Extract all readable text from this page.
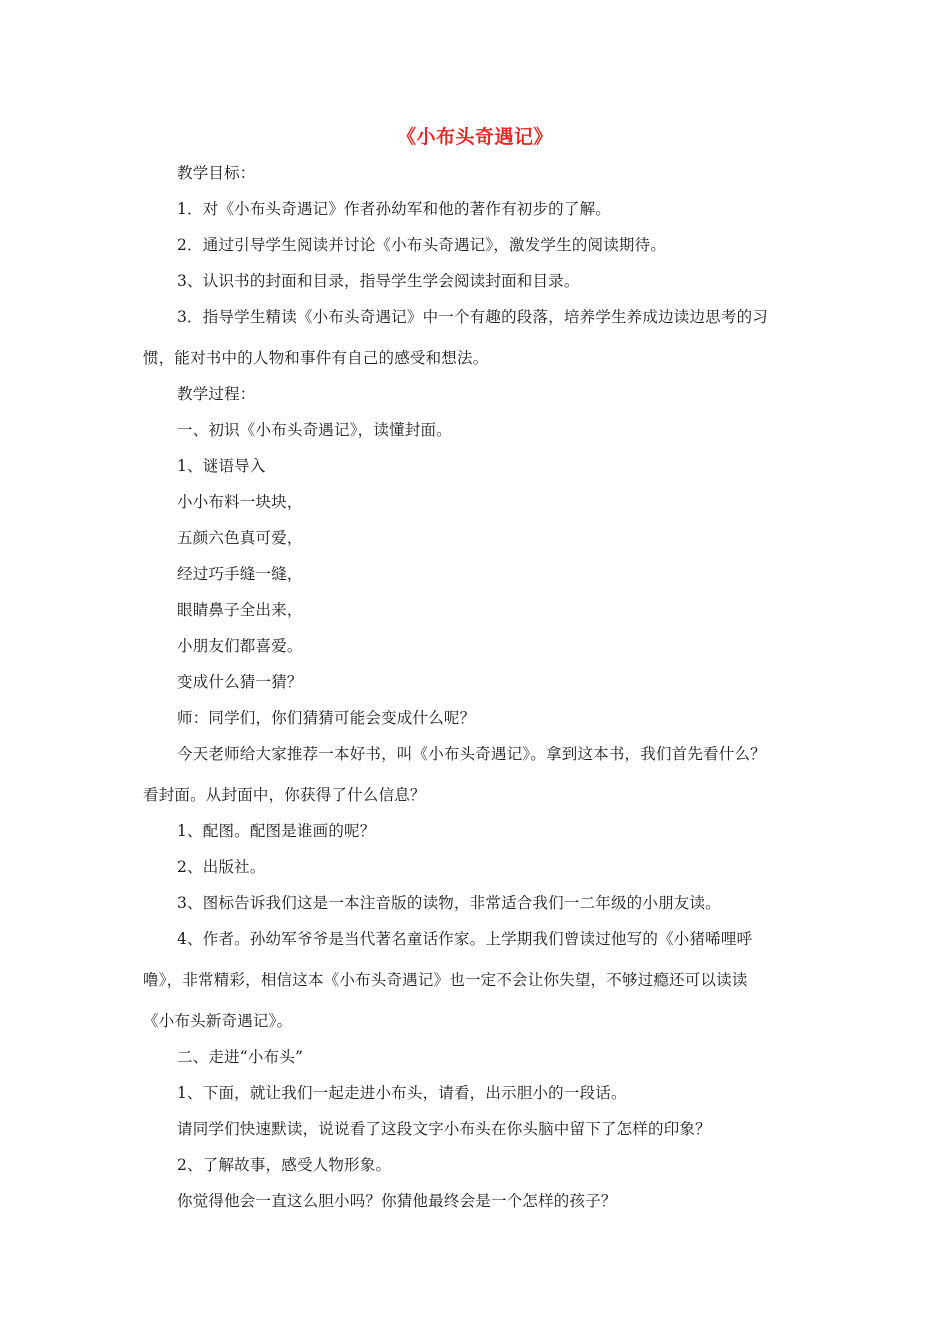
《小布头奇遇记》
教学目标：
1．对《小布头奇遇记》作者孙幼军和他的著作有初步的了解。
2．通过引导学生阅读并讨论《小布头奇遇记》，激发学生的阅读期待。
3、认识书的封面和目录，指导学生学会阅读封面和目录。
3．指导学生精读《小布头奇遇记》中一个有趣的段落，培养学生养成边读边思考的习
惯，能对书中的人物和事件有自己的感受和想法。
教学过程：
一、初识《小布头奇遇记》，读懂封面。
1、谜语导入
小小布料一块块，
五颜六色真可爱，
经过巧手缝一缝，
眼睛鼻子全出来，
小朋友们都喜爱。
变成什么猜一猜？
师：同学们，你们猜猜可能会变成什么呢？
今天老师给大家推荐一本好书，叫《小布头奇遇记》。拿到这本书，我们首先看什么？
看封面。从封面中，你获得了什么信息？
1、配图。配图是谁画的呢？
2、出版社。
3、图标告诉我们这是一本注音版的读物，非常适合我们一二年级的小朋友读。
4、作者。孙幼军爷爷是当代著名童话作家。上学期我们曾读过他写的《小猪唏哩呼
噜》，非常精彩，相信这本《小布头奇遇记》也一定不会让你失望，不够过瘾还可以读读
《小布头新奇遇记》。
二、走进“小布头”
1、下面，就让我们一起走进小布头，请看，出示胆小的一段话。
请同学们快速默读，说说看了这段文字小布头在你头脑中留下了怎样的印象？
2、了解故事，感受人物形象。
你觉得他会一直这么胆小吗？你猜他最终会是一个怎样的孩子？
